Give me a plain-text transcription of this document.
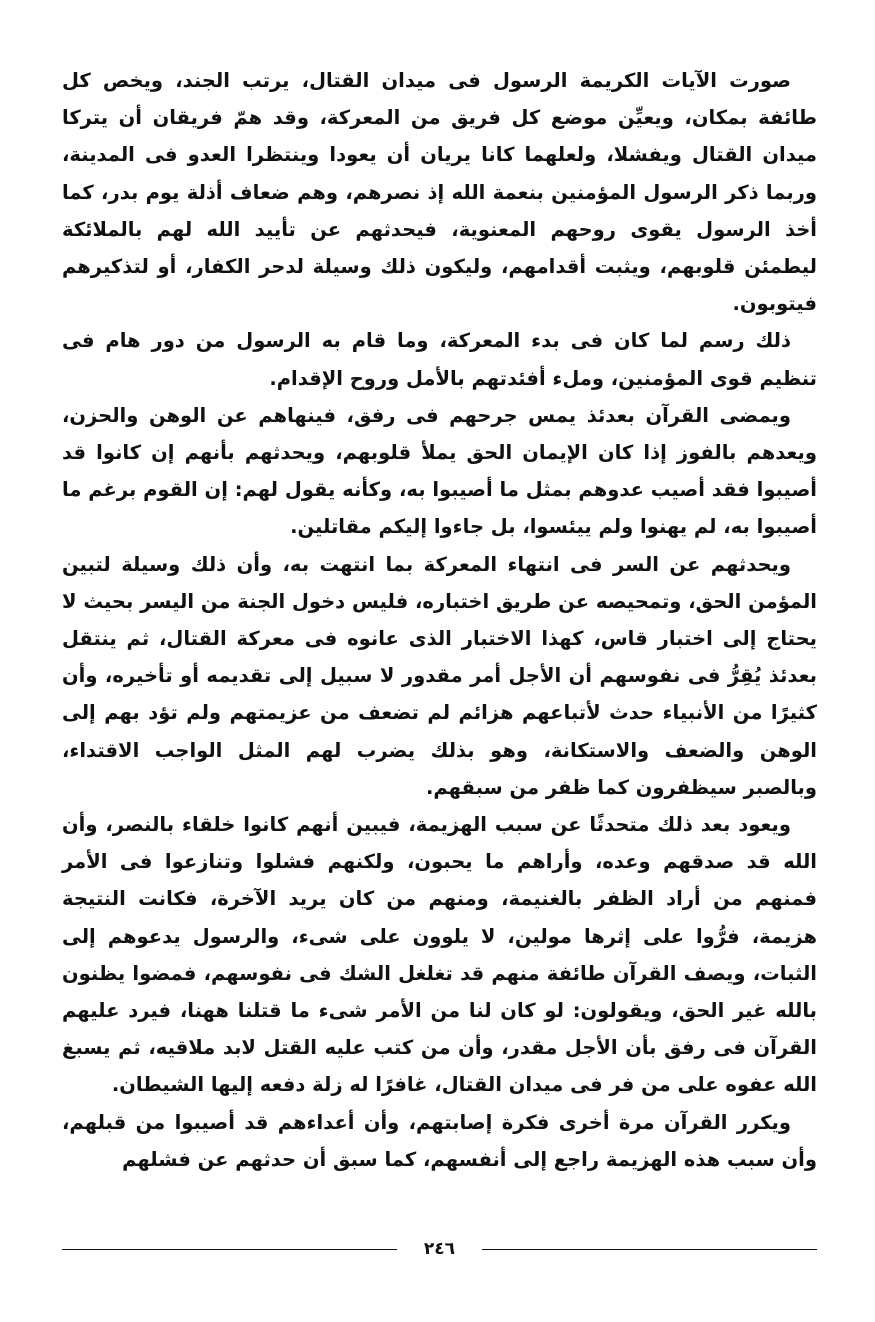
صورت الآيات الكريمة الرسول فى ميدان القتال، يرتب الجند، ويخص كل طائفة بمكان، ويعيِّن موضع كل فريق من المعركة، وقد همّ فريقان أن يتركا ميدان القتال ويفشلا، ولعلهما كانا يريان أن يعودا وينتظرا العدو فى المدينة، وربما ذكر الرسول المؤمنين بنعمة الله إذ نصرهم، وهم ضعاف أذلة يوم بدر، كما أخذ الرسول يقوى روحهم المعنوية، فيحدثهم عن تأييد الله لهم بالملائكة ليطمئن قلوبهم، ويثبت أقدامهم، وليكون ذلك وسيلة لدحر الكفار، أو لتذكيرهم فيتوبون.

ذلك رسم لما كان فى بدء المعركة، وما قام به الرسول من دور هام فى تنظيم قوى المؤمنين، وملء أفئدتهم بالأمل وروح الإقدام.

ويمضى القرآن بعدئذ يمس جرحهم فى رفق، فينهاهم عن الوهن والحزن، ويعدهم بالفوز إذا كان الإيمان الحق يملأ قلوبهم، ويحدثهم بأنهم إن كانوا قد أصيبوا فقد أصيب عدوهم بمثل ما أصيبوا به، وكأنه يقول لهم: إن القوم برغم ما أصيبوا به، لم يهنوا ولم ييئسوا، بل جاءوا إليكم مقاتلين.

ويحدثهم عن السر فى انتهاء المعركة بما انتهت به، وأن ذلك وسيلة لتبين المؤمن الحق، وتمحيصه عن طريق اختباره، فليس دخول الجنة من اليسر بحيث لا يحتاج إلى اختبار قاس، كهذا الاختبار الذى عانوه فى معركة القتال، ثم ينتقل بعدئذ يُقِرُّ فى نفوسهم أن الأجل أمر مقدور لا سبيل إلى تقديمه أو تأخيره، وأن كثيرًا من الأنبياء حدث لأتباعهم هزائم لم تضعف من عزيمتهم ولم تؤد بهم إلى الوهن والضعف والاستكانة، وهو بذلك يضرب لهم المثل الواجب الاقتداء، وبالصبر سيظفرون كما ظفر من سبقهم.

ويعود بعد ذلك متحدثًا عن سبب الهزيمة، فيبين أنهم كانوا خلقاء بالنصر، وأن الله قد صدقهم وعده، وأراهم ما يحبون، ولكنهم فشلوا وتنازعوا فى الأمر فمنهم من أراد الظفر بالغنيمة، ومنهم من كان يريد الآخرة، فكانت النتيجة هزيمة، فرُّوا على إثرها مولين، لا يلوون على شىء، والرسول يدعوهم إلى الثبات، ويصف القرآن طائفة منهم قد تغلغل الشك فى نفوسهم، فمضوا يظنون بالله غير الحق، ويقولون: لو كان لنا من الأمر شىء ما قتلنا ههنا، فيرد عليهم القرآن فى رفق بأن الأجل مقدر، وأن من كتب عليه القتل لابد ملاقيه، ثم يسبغ الله عفوه على من فر فى ميدان القتال، غافرًا له زلة دفعه إليها الشيطان.

ويكرر القرآن مرة أخرى فكرة إصابتهم، وأن أعداءهم قد أصيبوا من قبلهم، وأن سبب هذه الهزيمة راجع إلى أنفسهم، كما سبق أن حدثهم عن فشلهم

٢٤٦
